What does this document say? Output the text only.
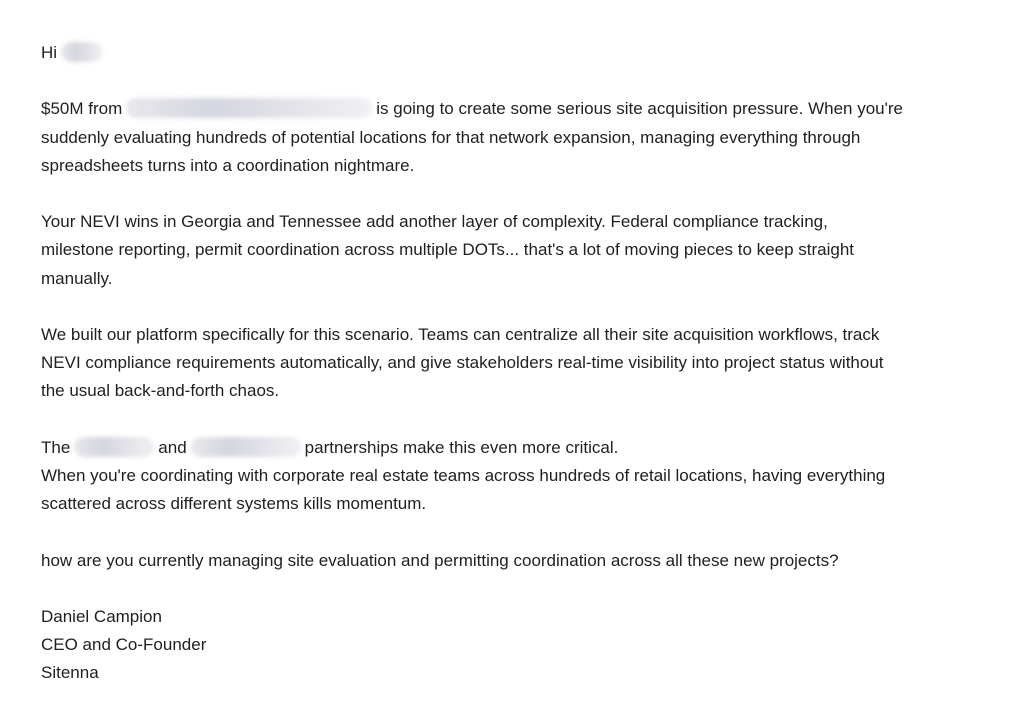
Hi

$50M from	is going to create some serious site acquisition pressure. When you're
suddenly evaluating hundreds of potential locations for that network expansion, managing everything through
spreadsheets turns into a coordination nightmare.

Your NEVI wins in Georgia and Tennessee add another layer of complexity. Federal compliance tracking,
milestone reporting, permit coordination across multiple DOTs... that's a lot of moving pieces to keep straight
manually.

We built our platform specifically for this scenario. Teams can centralize all their site acquisition workflows, track
NEVI compliance requirements automatically, and give stakeholders real-time visibility into project status without
the usual back-and-forth chaos.

The	and	partnerships make this even more critical.
When you're coordinating with corporate real estate teams across hundreds of retail locations, having everything
scattered across different systems kills momentum.

how are you currently managing site evaluation and permitting coordination across all these new projects?

Daniel Campion
CEO and Co-Founder
Sitenna
